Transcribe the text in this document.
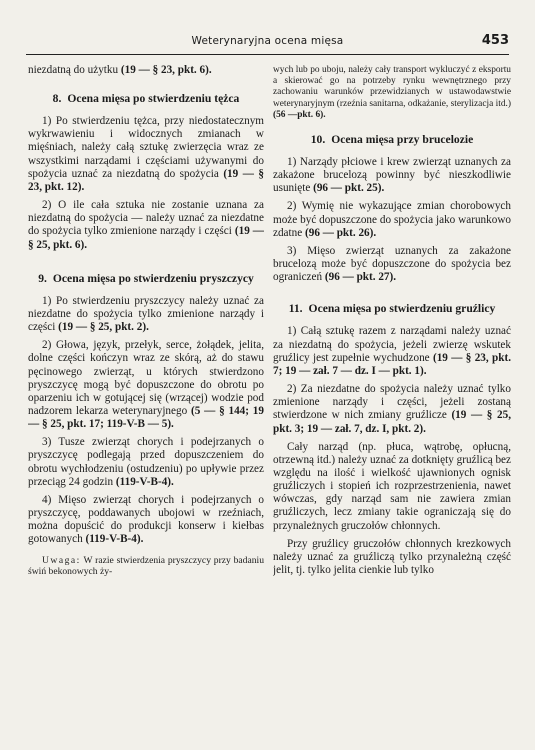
Weterynaryjna ocena mięsa	453

niezdatną do użytku (19 — § 23, pkt. 6).

8. Ocena mięsa po stwierdzeniu tężca

1) Po stwierdzeniu tężca, przy niedostatecznym wykrwawieniu i widocznych zmianach w mięśniach, należy całą sztukę zwierzęcia wraz ze wszystkimi narządami i częściami używanymi do spożycia uznać za niezdatną do spożycia (19 — § 23, pkt. 12).

2) O ile cała sztuka nie zostanie uznana za niezdatną do spożycia — należy uznać za niezdatne do spożycia tylko zmienione narządy i części (19 — § 25, pkt. 6).

9. Ocena mięsa po stwierdzeniu pryszczycy

1) Po stwierdzeniu pryszczycy należy uznać za niezdatne do spożycia tylko zmienione narządy i części (19 — § 25, pkt. 2).

2) Głowa, język, przełyk, serce, żołądek, jelita, dolne części kończyn wraz ze skórą, aż do stawu pęcinowego zwierząt, u których stwierdzono pryszczycę mogą być dopuszczone do obrotu po oparzeniu ich w gotującej się (wrzącej) wodzie pod nadzorem lekarza weterynaryjnego (5 — § 144; 19 — § 25, pkt. 17; 119-V-B — 5).

3) Tusze zwierząt chorych i podejrzanych o pryszczycę podlegają przed dopuszczeniem do obrotu wychłodzeniu (ostudzeniu) po upływie przez przeciąg 24 godzin (119-V-B-4).

4) Mięso zwierząt chorych i podejrzanych o pryszczycę, poddawanych ubojowi w rzeźniach, można dopuścić do produkcji konserw i kiełbas gotowanych (119-V-B-4).

Uwaga: W razie stwierdzenia pryszczycy przy badaniu świń bekonowych ży-

wych lub po uboju, należy cały transport wykluczyć z eksportu a skierować go na potrzeby rynku wewnętrznego przy zachowaniu warunków przewidzianych w ustawodawstwie weterynaryjnym (rzeźnia sanitarna, odkażanie, sterylizacja itd.) (56 —pkt. 6).

10. Ocena mięsa przy brucelozie

1) Narządy płciowe i krew zwierząt uznanych za zakażone brucelozą powinny być nieszkodliwie usunięte (96 — pkt. 25).

2) Wymię nie wykazujące zmian chorobowych może być dopuszczone do spożycia jako warunkowo zdatne (96 — pkt. 26).

3) Mięso zwierząt uznanych za zakażone brucelozą może być dopuszczone do spożycia bez ograniczeń (96 — pkt. 27).

11. Ocena mięsa po stwierdzeniu gruźlicy

1) Całą sztukę razem z narządami należy uznać za niezdatną do spożycia, jeżeli zwierzę wskutek gruźlicy jest zupełnie wychudzone (19 — § 23, pkt. 7; 19 — zał. 7 — dz. I — pkt. 1).

2) Za niezdatne do spożycia należy uznać tylko zmienione narządy i części, jeżeli zostaną stwierdzone w nich zmiany gruźlicze (19 — § 25, pkt. 3; 19 — zał. 7, dz. I, pkt. 2).

Cały narząd (np. płuca, wątrobę, opłucną, otrzewną itd.) należy uznać za dotknięty gruźlicą bez względu na ilość i wielkość ujawnionych ognisk gruźliczych i stopień ich rozprzestrzenienia, nawet wówczas, gdy narząd sam nie zawiera zmian gruźliczych, lecz zmiany takie ograniczają się do przynależnych gruczołów chłonnych.

Przy gruźlicy gruczołów chłonnych krezkowych należy uznać za gruźliczą tylko przynależną część jelit, tj. tylko jelita cienkie lub tylko
